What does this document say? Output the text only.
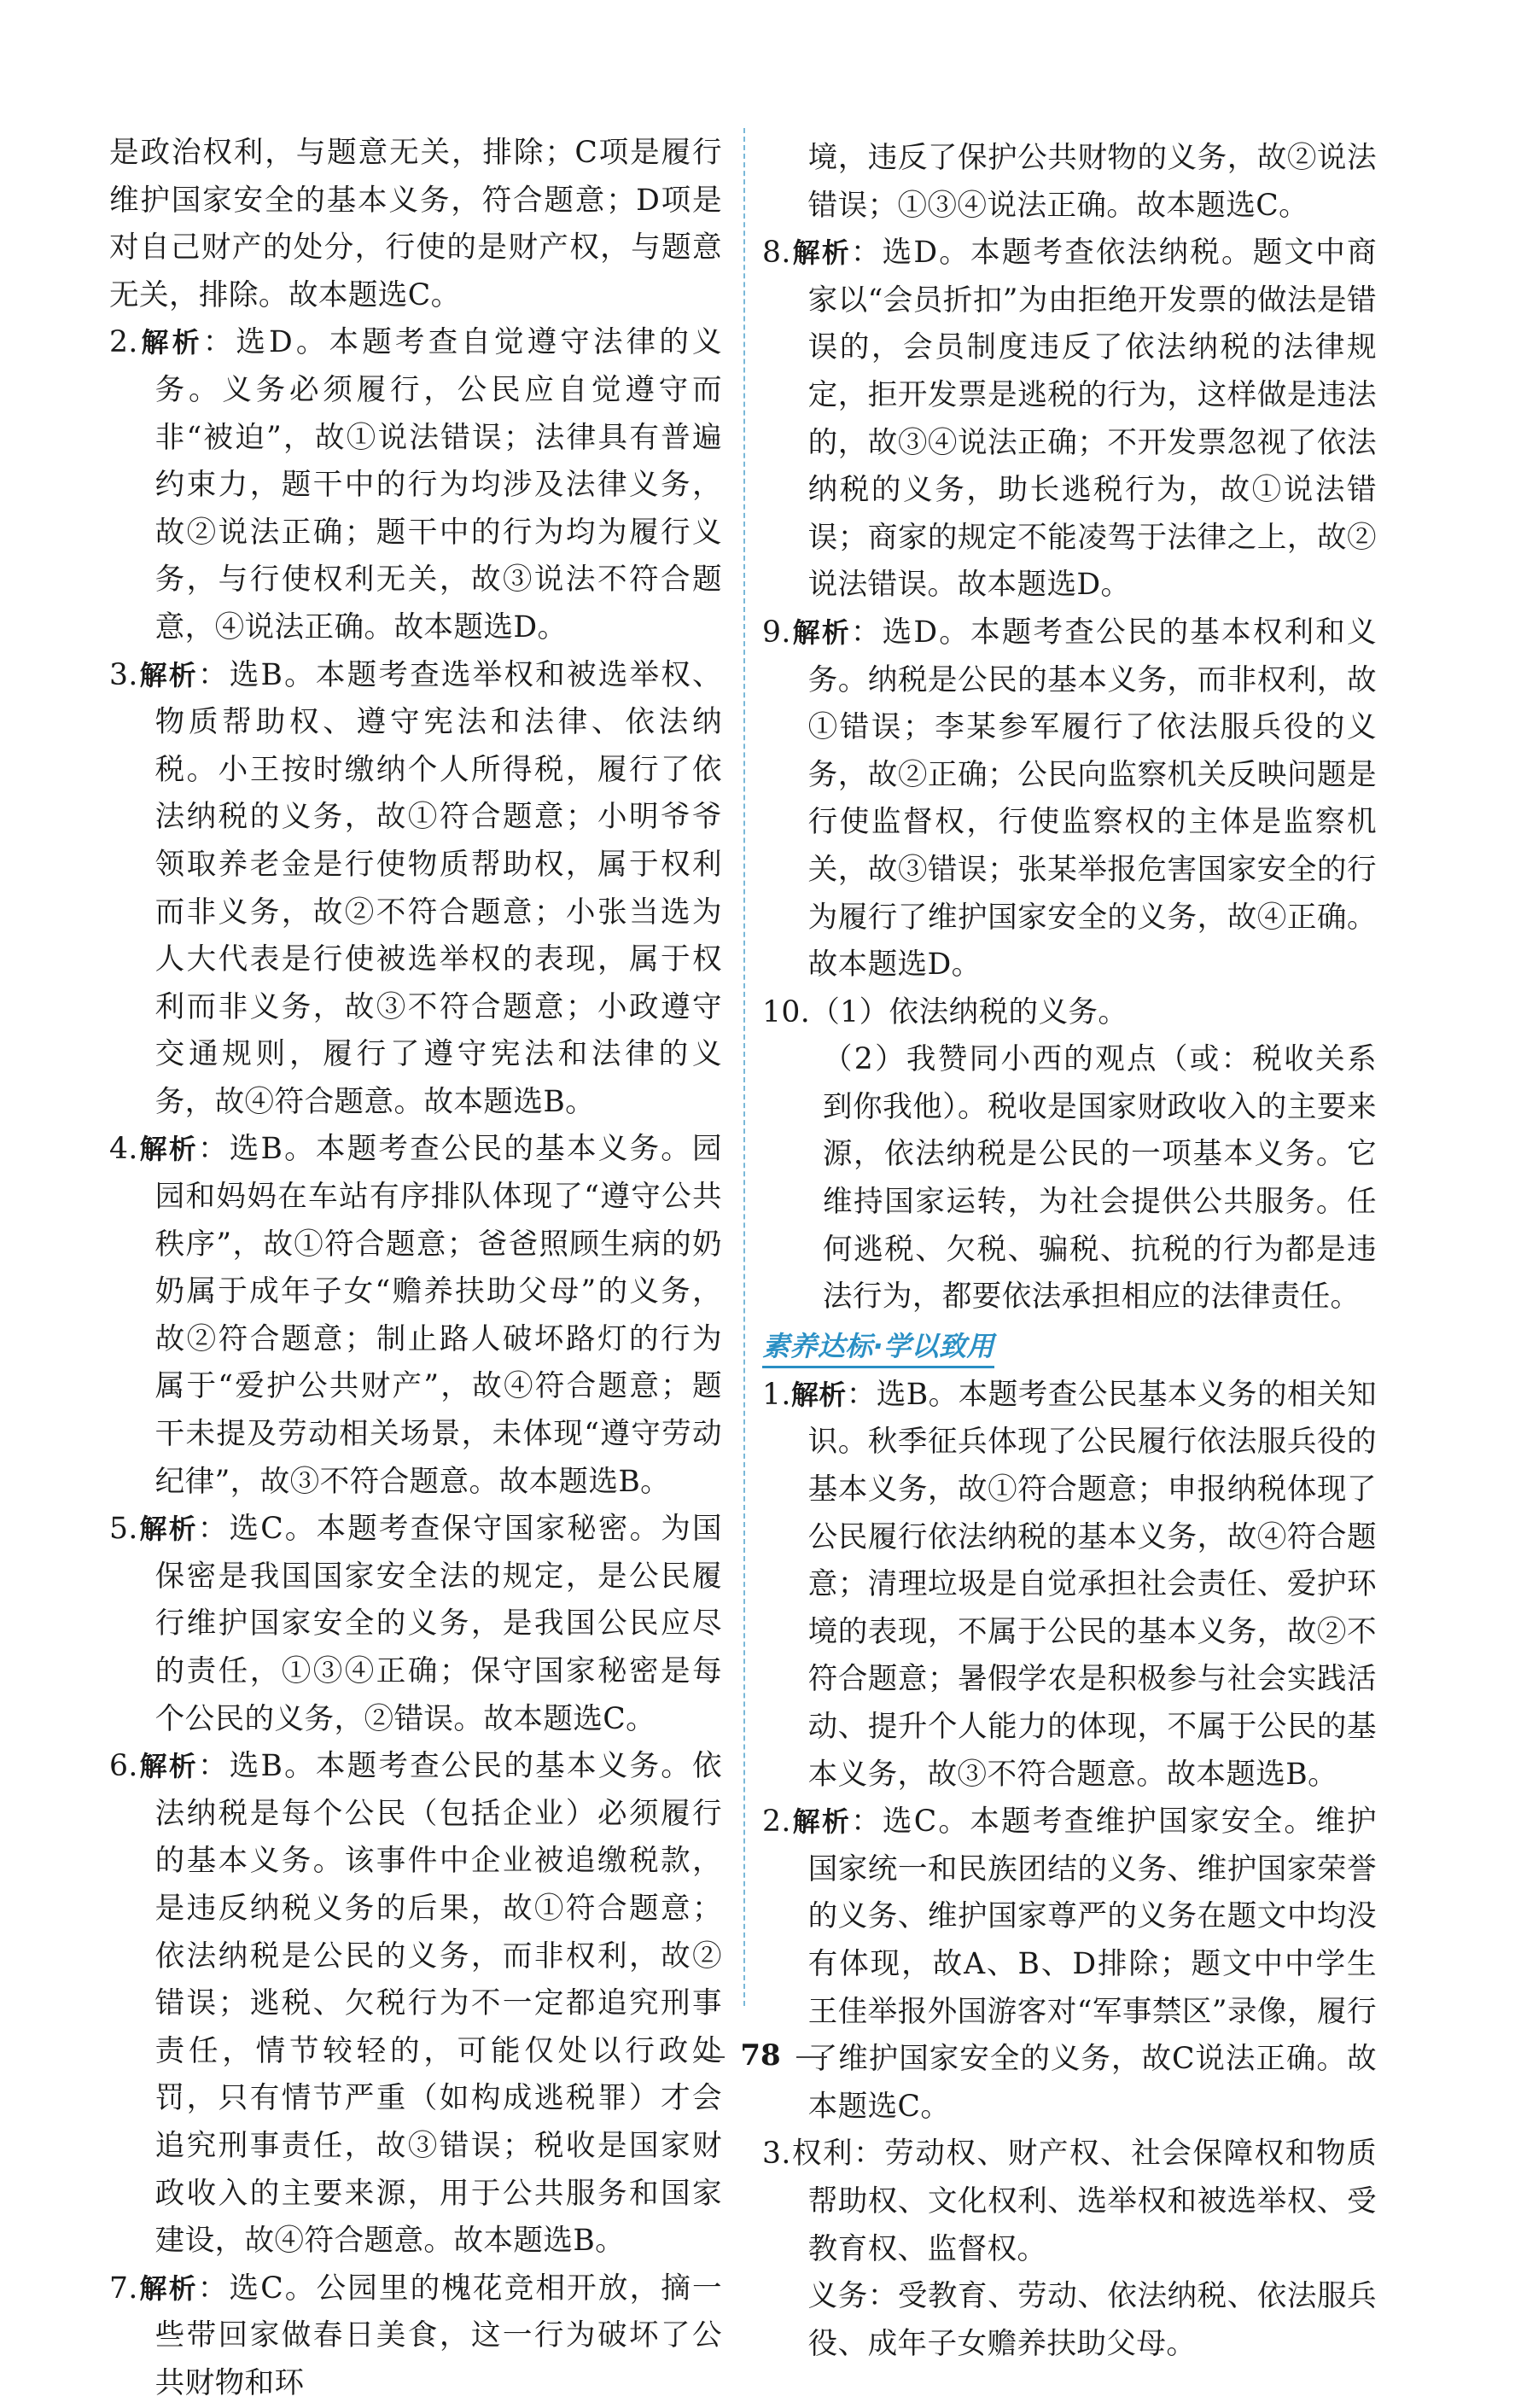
是政治权利，与题意无关，排除；C项是履行维护国家安全的基本义务，符合题意；D项是对自己财产的处分，行使的是财产权，与题意无关，排除。故本题选C。

2.解析：选D。本题考查自觉遵守法律的义务。义务必须履行，公民应自觉遵守而非“被迫”，故①说法错误；法律具有普遍约束力，题干中的行为均涉及法律义务，故②说法正确；题干中的行为均为履行义务，与行使权利无关，故③说法不符合题意，④说法正确。故本题选D。

3.解析：选B。本题考查选举权和被选举权、物质帮助权、遵守宪法和法律、依法纳税。小王按时缴纳个人所得税，履行了依法纳税的义务，故①符合题意；小明爷爷领取养老金是行使物质帮助权，属于权利而非义务，故②不符合题意；小张当选为人大代表是行使被选举权的表现，属于权利而非义务，故③不符合题意；小政遵守交通规则，履行了遵守宪法和法律的义务，故④符合题意。故本题选B。

4.解析：选B。本题考查公民的基本义务。园园和妈妈在车站有序排队体现了“遵守公共秩序”，故①符合题意；爸爸照顾生病的奶奶属于成年子女“赡养扶助父母”的义务，故②符合题意；制止路人破坏路灯的行为属于“爱护公共财产”，故④符合题意；题干未提及劳动相关场景，未体现“遵守劳动纪律”，故③不符合题意。故本题选B。

5.解析：选C。本题考查保守国家秘密。为国保密是我国国家安全法的规定，是公民履行维护国家安全的义务，是我国公民应尽的责任，①③④正确；保守国家秘密是每个公民的义务，②错误。故本题选C。

6.解析：选B。本题考查公民的基本义务。依法纳税是每个公民（包括企业）必须履行的基本义务。该事件中企业被追缴税款，是违反纳税义务的后果，故①符合题意；依法纳税是公民的义务，而非权利，故②错误；逃税、欠税行为不一定都追究刑事责任，情节较轻的，可能仅处以行政处罚，只有情节严重（如构成逃税罪）才会追究刑事责任，故③错误；税收是国家财政收入的主要来源，用于公共服务和国家建设，故④符合题意。故本题选B。

7.解析：选C。公园里的槐花竞相开放，摘一些带回家做春日美食，这一行为破坏了公共财物和环

境，违反了保护公共财物的义务，故②说法错误；①③④说法正确。故本题选C。

8.解析：选D。本题考查依法纳税。题文中商家以“会员折扣”为由拒绝开发票的做法是错误的，会员制度违反了依法纳税的法律规定，拒开发票是逃税的行为，这样做是违法的，故③④说法正确；不开发票忽视了依法纳税的义务，助长逃税行为，故①说法错误；商家的规定不能凌驾于法律之上，故②说法错误。故本题选D。

9.解析：选D。本题考查公民的基本权利和义务。纳税是公民的基本义务，而非权利，故①错误；李某参军履行了依法服兵役的义务，故②正确；公民向监察机关反映问题是行使监督权，行使监察权的主体是监察机关，故③错误；张某举报危害国家安全的行为履行了维护国家安全的义务，故④正确。故本题选D。

10.（1）依法纳税的义务。

（2）我赞同小西的观点（或：税收关系到你我他）。税收是国家财政收入的主要来源，依法纳税是公民的一项基本义务。它维持国家运转，为社会提供公共服务。任何逃税、欠税、骗税、抗税的行为都是违法行为，都要依法承担相应的法律责任。

素养达标·学以致用

1.解析：选B。本题考查公民基本义务的相关知识。秋季征兵体现了公民履行依法服兵役的基本义务，故①符合题意；申报纳税体现了公民履行依法纳税的基本义务，故④符合题意；清理垃圾是自觉承担社会责任、爱护环境的表现，不属于公民的基本义务，故②不符合题意；暑假学农是积极参与社会实践活动、提升个人能力的体现，不属于公民的基本义务，故③不符合题意。故本题选B。

2.解析：选C。本题考查维护国家安全。维护国家统一和民族团结的义务、维护国家荣誉的义务、维护国家尊严的义务在题文中均没有体现，故A、B、D排除；题文中中学生王佳举报外国游客对“军事禁区”录像，履行了维护国家安全的义务，故C说法正确。故本题选C。

3.权利：劳动权、财产权、社会保障权和物质帮助权、文化权利、选举权和被选举权、受教育权、监督权。

义务：受教育、劳动、依法纳税、依法服兵役、成年子女赡养扶助父母。

78
